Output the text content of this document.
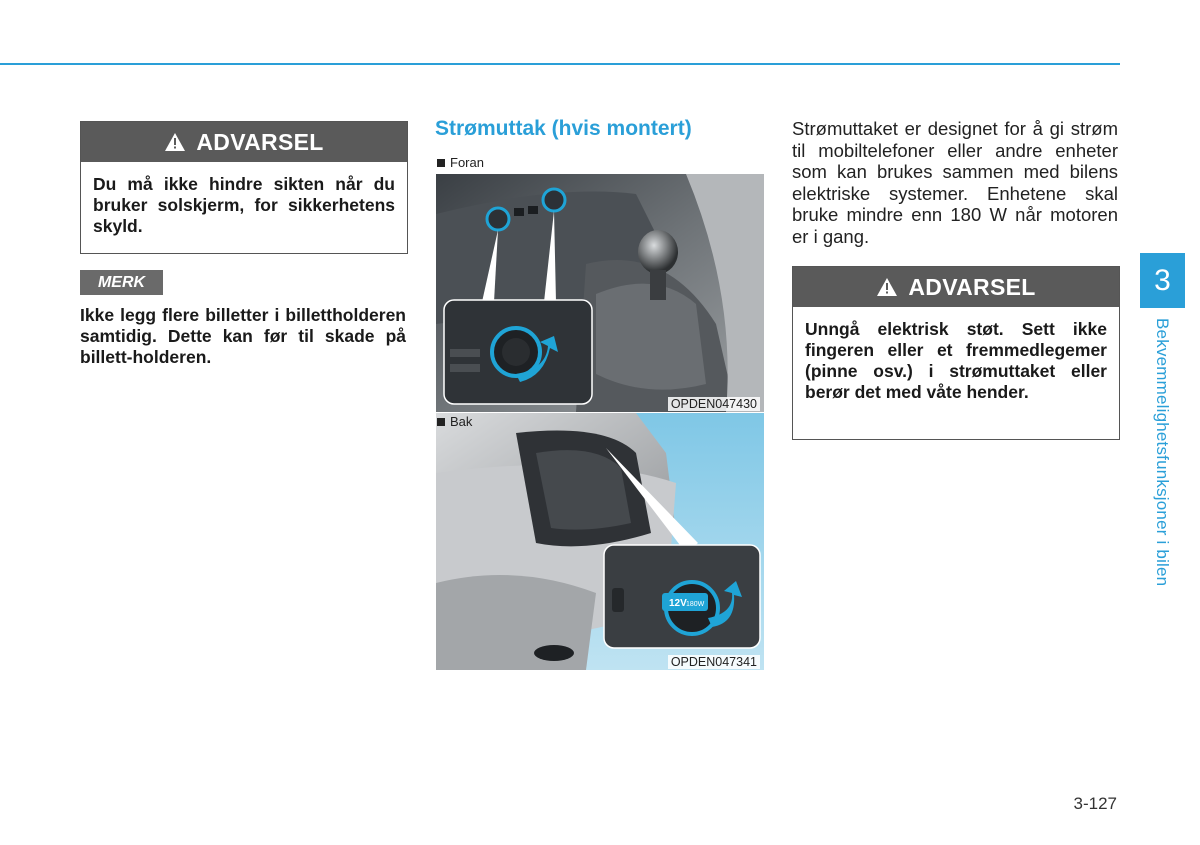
ADVARSEL
Du må ikke hindre sikten når du bruker solskjerm, for sikkerhetens skyld.
MERK
Ikke legg flere billetter i billettholderen samtidig. Dette kan før til skade på billett-holderen.
Strømuttak (hvis montert)
Foran
OPDEN047430
Bak
12V 180W
OPDEN047341
Strømuttaket er designet for å gi strøm til mobiltelefoner eller andre enheter som kan brukes sammen med bilens elektriske systemer. Enhetene skal bruke mindre enn 180 W når motoren er i gang.
ADVARSEL
Unngå elektrisk støt. Sett ikke fingeren eller et fremmedlegemer (pinne osv.) i strømuttaket eller berør det med våte hender.
3
Bekvemmelighetsfunksjoner i bilen
3-127
